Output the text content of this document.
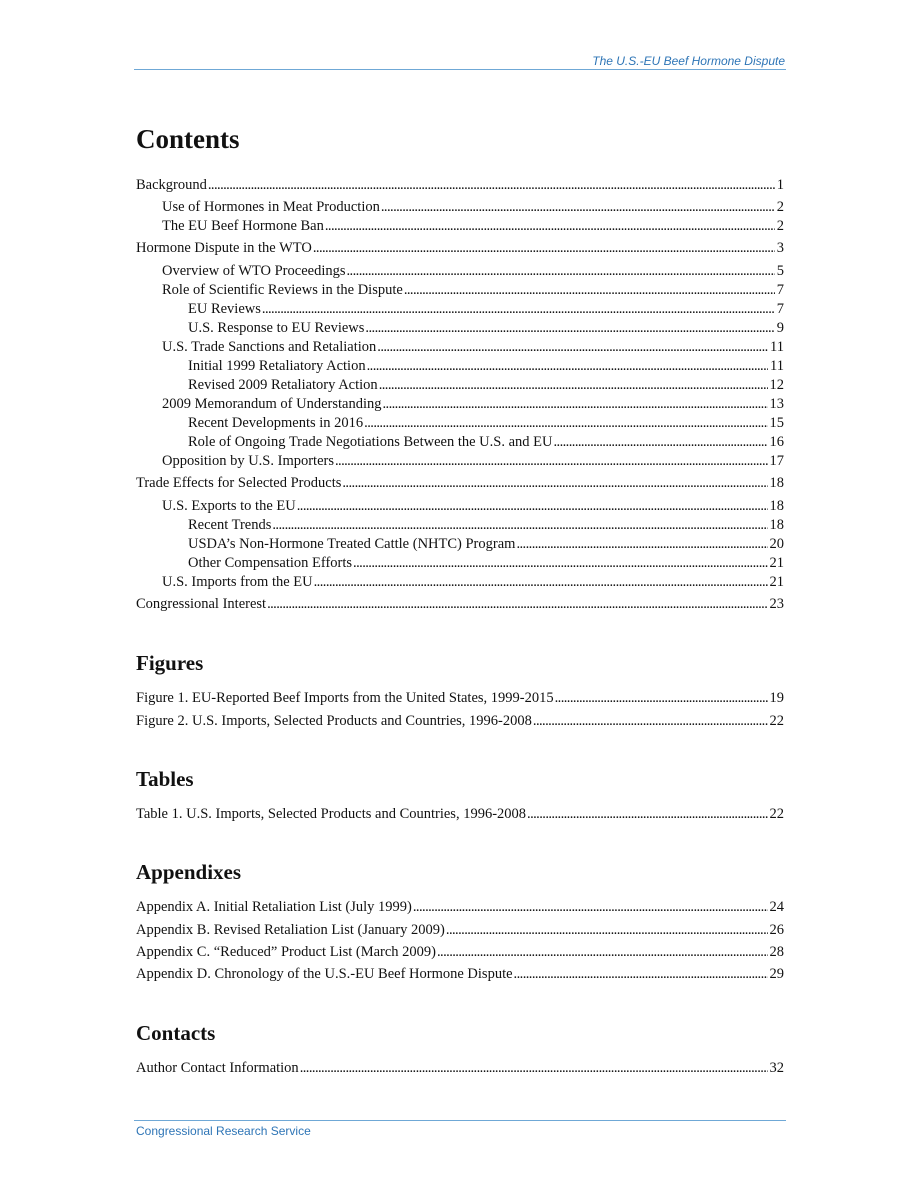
The U.S.-EU Beef Hormone Dispute
Contents
Background . . .	1
Use of Hormones in Meat Production . . .	2
The EU Beef Hormone Ban . . .	2
Hormone Dispute in the WTO . . .	3
Overview of WTO Proceedings . . .	5
Role of Scientific Reviews in the Dispute . . .	7
EU Reviews . . .	7
U.S. Response to EU Reviews . . .	9
U.S. Trade Sanctions and Retaliation . . .	11
Initial 1999 Retaliatory Action . . .	11
Revised 2009 Retaliatory Action . . .	12
2009 Memorandum of Understanding . . .	13
Recent Developments in 2016 . . .	15
Role of Ongoing Trade Negotiations Between the U.S. and EU . . .	16
Opposition by U.S. Importers . . .	17
Trade Effects for Selected Products . . .	18
U.S. Exports to the EU . . .	18
Recent Trends . . .	18
USDA’s Non-Hormone Treated Cattle (NHTC) Program . . .	20
Other Compensation Efforts . . .	21
U.S. Imports from the EU . . .	21
Congressional Interest . . .	23
Figures
Figure 1. EU-Reported Beef Imports from the United States, 1999-2015 . . .	19
Figure 2. U.S. Imports, Selected Products and Countries, 1996-2008 . . .	22
Tables
Table 1. U.S. Imports, Selected Products and Countries, 1996-2008 . . .	22
Appendixes
Appendix A. Initial Retaliation List (July 1999) . . .	24
Appendix B. Revised Retaliation List (January 2009) . . .	26
Appendix C. “Reduced” Product List (March 2009) . . .	28
Appendix D. Chronology of the U.S.-EU Beef Hormone Dispute . . .	29
Contacts
Author Contact Information . . .	32
Congressional Research Service
